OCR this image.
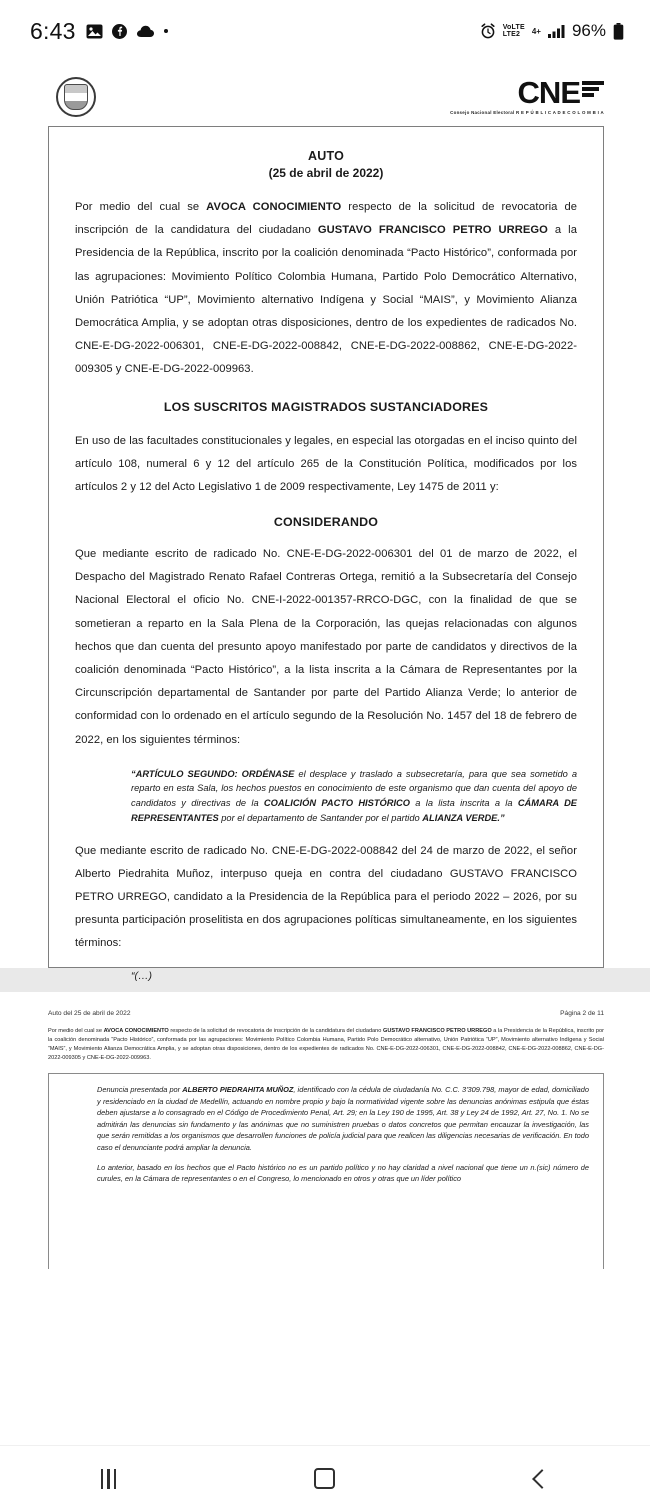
6:43	VoLTE
LTE2 4+ 96%
CNE
Consejo Nacional Electoral R E P Ú B L I C A D E C O L O M B I A
AUTO
(25 de abril de 2022)

Por medio del cual se AVOCA CONOCIMIENTO respecto de la solicitud de revocatoria de inscripción de la candidatura del ciudadano GUSTAVO FRANCISCO PETRO URREGO a la Presidencia de la República, inscrito por la coalición denominada “Pacto Histórico”, conformada por las agrupaciones: Movimiento Político Colombia Humana, Partido Polo Democrático Alternativo, Unión Patriótica “UP”, Movimiento alternativo Indígena y Social “MAIS”, y Movimiento Alianza Democrática Amplia, y se adoptan otras disposiciones, dentro de los expedientes de radicados No. CNE-E-DG-2022-006301, CNE-E-DG-2022-008842, CNE-E-DG-2022-008862, CNE-E-DG-2022-009305 y CNE-E-DG-2022-009963.

LOS SUSCRITOS MAGISTRADOS SUSTANCIADORES

En uso de las facultades constitucionales y legales, en especial las otorgadas en el inciso quinto del artículo 108, numeral 6 y 12 del artículo 265 de la Constitución Política, modificados por los artículos 2 y 12 del Acto Legislativo 1 de 2009 respectivamente, Ley 1475 de 2011 y:

CONSIDERANDO

Que mediante escrito de radicado No. CNE-E-DG-2022-006301 del 01 de marzo de 2022, el Despacho del Magistrado Renato Rafael Contreras Ortega, remitió a la Subsecretaría del Consejo Nacional Electoral el oficio No. CNE-I-2022-001357-RRCO-DGC, con la finalidad de que se sometieran a reparto en la Sala Plena de la Corporación, las quejas relacionadas con algunos hechos que dan cuenta del presunto apoyo manifestado por parte de candidatos y directivos de la coalición denominada “Pacto Histórico”, a la lista inscrita a la Cámara de Representantes por la Circunscripción departamental de Santander por parte del Partido Alianza Verde; lo anterior de conformidad con lo ordenado en el artículo segundo de la Resolución No. 1457 del 18 de febrero de 2022, en los siguientes términos:

“ARTÍCULO SEGUNDO: ORDÉNASE el desplace y traslado a subsecretaría, para que sea sometido a reparto en esta Sala, los hechos puestos en conocimiento de este organismo que dan cuenta del apoyo de candidatos y directivas de la COALICIÓN PACTO HISTÓRICO a la lista inscrita a la CÁMARA DE REPRESENTANTES por el departamento de Santander por el partido ALIANZA VERDE.”

Que mediante escrito de radicado No. CNE-E-DG-2022-008842 del 24 de marzo de 2022, el señor Alberto Piedrahita Muñoz, interpuso queja en contra del ciudadano GUSTAVO FRANCISCO PETRO URREGO, candidato a la Presidencia de la República para el periodo 2022 – 2026, por su presunta participación proselitista en dos agrupaciones políticas simultaneamente, en los siguientes términos:

“(…)
Auto del 25 de abril de 2022	Página 2 de 11

Por medio del cual se AVOCA CONOCIMIENTO respecto de la solicitud de revocatoria de inscripción de la candidatura del ciudadano GUSTAVO FRANCISCO PETRO URREGO a la Presidencia de la República, inscrito por la coalición denominada “Pacto Histórico”, conformada por las agrupaciones: Movimiento Político Colombia Humana, Partido Polo Democrático alternativo, Unión Patriótica “UP”, Movimiento alternativo Indígena y Social “MAIS”, y Movimiento Alianza Democrática Amplia, y se adoptan otras disposiciones, dentro de los expedientes de radicados No. CNE-E-DG-2022-006301, CNE-E-DG-2022-008842, CNE-E-DG-2022-008862, CNE-E-DG-2022-009305 y CNE-E-DG-2022-009963.

Denuncia presentada por ALBERTO PIEDRAHITA MUÑOZ, identificado con la cédula de ciudadanía No. C.C. 3'309.798, mayor de edad, domiciliado y residenciado en la ciudad de Medellín, actuando en nombre propio y bajo la normatividad vigente sobre las denuncias anónimas estipula que éstas deben ajustarse a lo consagrado en el Código de Procedimiento Penal, Art. 29; en la Ley 190 de 1995, Art. 38 y Ley 24 de 1992, Art. 27, No. 1. No se admitirán las denuncias sin fundamento y las anónimas que no suministren pruebas o datos concretos que permitan encauzar la investigación, las que serán remitidas a los organismos que desarrollen funciones de policía judicial para que realicen las diligencias necesarias de verificación. En todo caso el denunciante podrá ampliar la denuncia.

Lo anterior, basado en los hechos que el Pacto histórico no es un partido político y no hay claridad a nivel nacional que tiene un n.(sic) número de curules, en la Cámara de representantes o en el Congreso, lo mencionado en otros y otras que un líder político
